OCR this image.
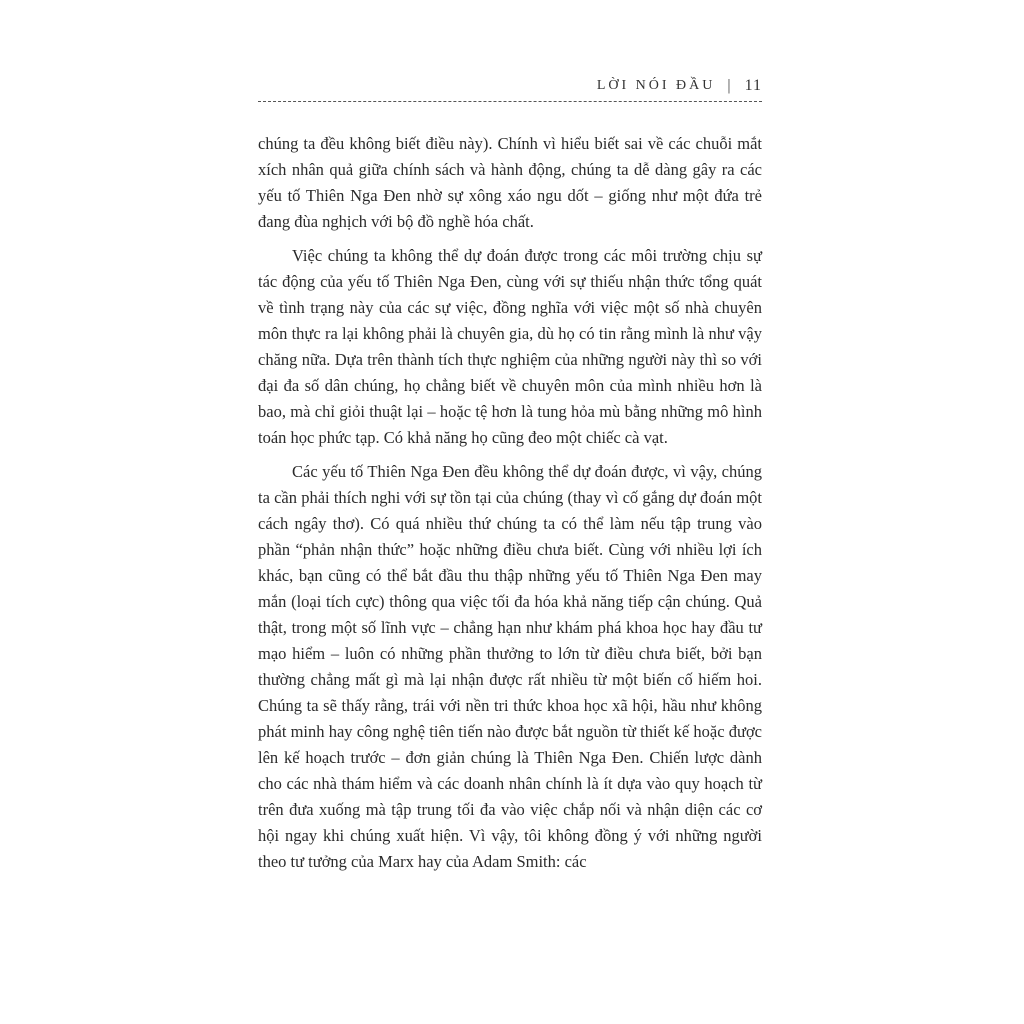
LỜI NÓI ĐẦU | 11

chúng ta đều không biết điều này). Chính vì hiểu biết sai về các chuỗi mắt xích nhân quả giữa chính sách và hành động, chúng ta dễ dàng gây ra các yếu tố Thiên Nga Đen nhờ sự xông xáo ngu dốt – giống như một đứa trẻ đang đùa nghịch với bộ đồ nghề hóa chất.

Việc chúng ta không thể dự đoán được trong các môi trường chịu sự tác động của yếu tố Thiên Nga Đen, cùng với sự thiếu nhận thức tổng quát về tình trạng này của các sự việc, đồng nghĩa với việc một số nhà chuyên môn thực ra lại không phải là chuyên gia, dù họ có tin rằng mình là như vậy chăng nữa. Dựa trên thành tích thực nghiệm của những người này thì so với đại đa số dân chúng, họ chẳng biết về chuyên môn của mình nhiều hơn là bao, mà chỉ giỏi thuật lại – hoặc tệ hơn là tung hỏa mù bằng những mô hình toán học phức tạp. Có khả năng họ cũng đeo một chiếc cà vạt.

Các yếu tố Thiên Nga Đen đều không thể dự đoán được, vì vậy, chúng ta cần phải thích nghi với sự tồn tại của chúng (thay vì cố gắng dự đoán một cách ngây thơ). Có quá nhiều thứ chúng ta có thể làm nếu tập trung vào phần “phản nhận thức” hoặc những điều chưa biết. Cùng với nhiều lợi ích khác, bạn cũng có thể bắt đầu thu thập những yếu tố Thiên Nga Đen may mắn (loại tích cực) thông qua việc tối đa hóa khả năng tiếp cận chúng. Quả thật, trong một số lĩnh vực – chẳng hạn như khám phá khoa học hay đầu tư mạo hiểm – luôn có những phần thưởng to lớn từ điều chưa biết, bởi bạn thường chẳng mất gì mà lại nhận được rất nhiều từ một biến cố hiếm hoi. Chúng ta sẽ thấy rằng, trái với nền tri thức khoa học xã hội, hầu như không phát minh hay công nghệ tiên tiến nào được bắt nguồn từ thiết kế hoặc được lên kế hoạch trước – đơn giản chúng là Thiên Nga Đen. Chiến lược dành cho các nhà thám hiểm và các doanh nhân chính là ít dựa vào quy hoạch từ trên đưa xuống mà tập trung tối đa vào việc chắp nối và nhận diện các cơ hội ngay khi chúng xuất hiện. Vì vậy, tôi không đồng ý với những người theo tư tưởng của Marx hay của Adam Smith: các
